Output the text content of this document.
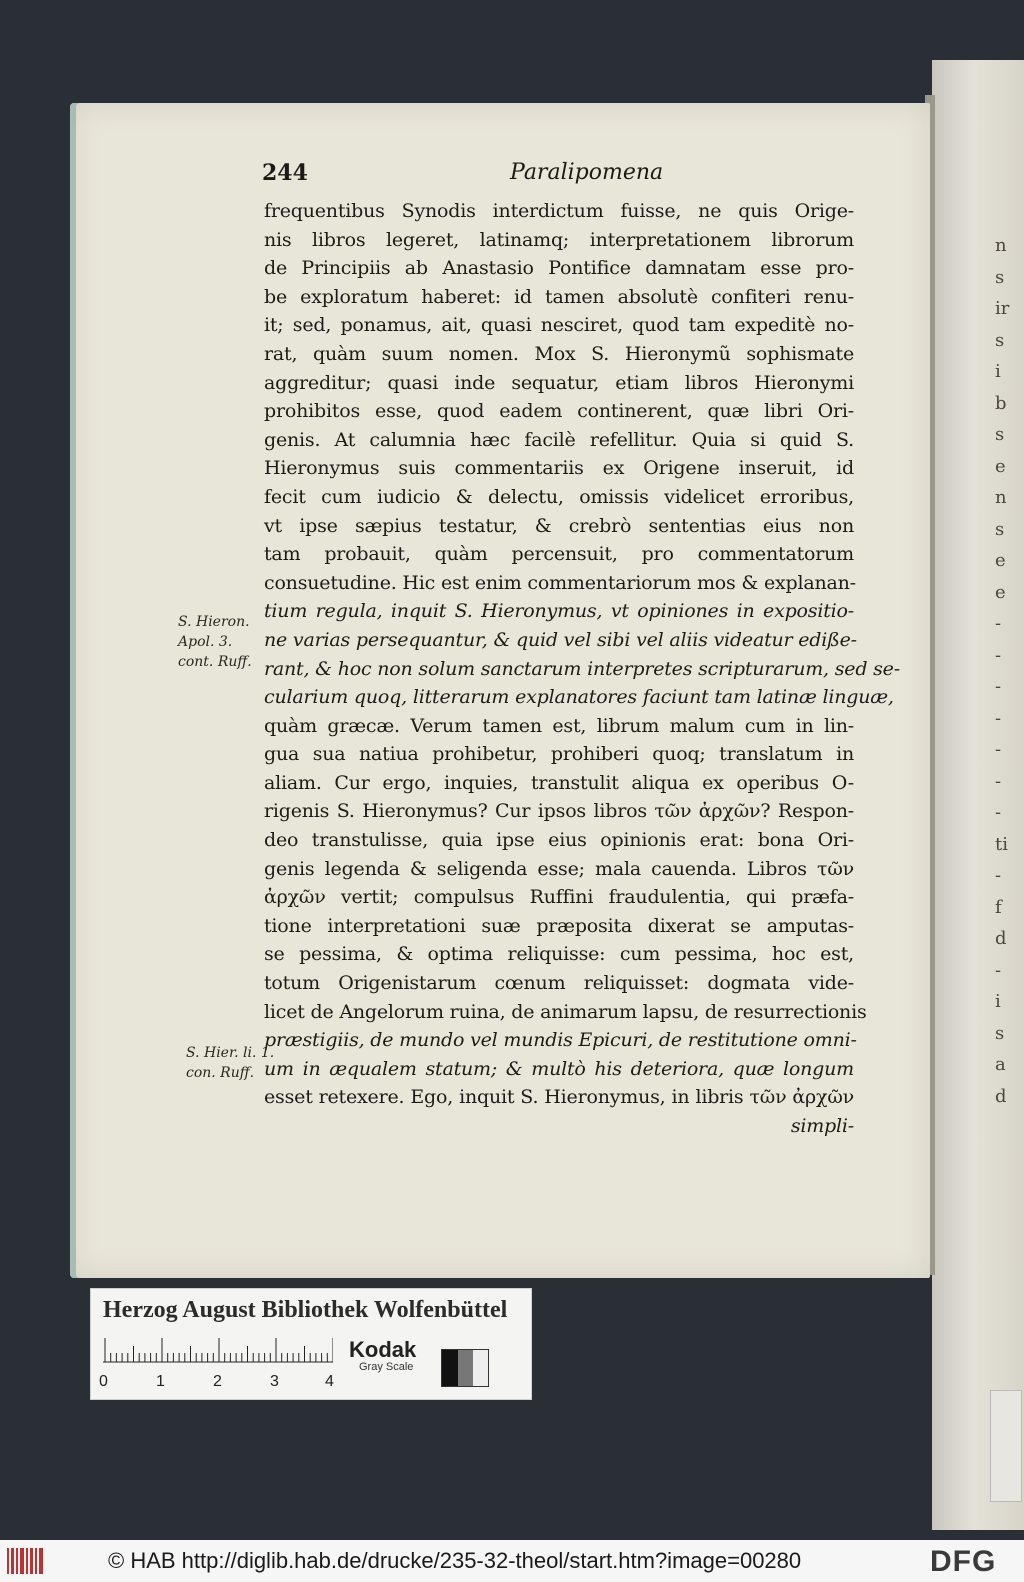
n
s
ir
s
i
b
s
e
n
s
e
e
-
-
-
-
-
-
-
ti
-
f
d
-
i
s
a
d
244	Paralipomena
frequentibus Synodis interdictum fuisse, ne quis Orige-
nis libros legeret, latinamq; interpretationem librorum
de Principiis ab Anastasio Pontifice damnatam esse pro-
be exploratum haberet: id tamen absolutè confiteri renu-
it; sed, ponamus, ait, quasi nesciret, quod tam expeditè no-
rat, quàm suum nomen. Mox S. Hieronymũ sophismate
aggreditur; quasi inde sequatur, etiam libros Hieronymi
prohibitos esse, quod eadem continerent, quæ libri Ori-
genis. At calumnia hæc facilè refellitur. Quia si quid S.
Hieronymus suis commentariis ex Origene inseruit, id
fecit cum iudicio & delectu, omissis videlicet erroribus,
vt ipse sæpius testatur, & crebrò sententias eius non
tam probauit, quàm percensuit, pro commentatorum
consuetudine. Hic est enim commentariorum mos & explanan-
tium regula, inquit S. Hieronymus, vt opiniones in expositio-
ne varias persequantur, & quid vel sibi vel aliis videatur ediße-
rant, & hoc non solum sanctarum interpretes scripturarum, sed se-
cularium quoq, litterarum explanatores faciunt tam latinæ linguæ,
quàm græcæ. Verum tamen est, librum malum cum in lin-
gua sua natiua prohibetur, prohiberi quoq; translatum in
aliam. Cur ergo, inquies, transtulit aliqua ex operibus O-
rigenis S. Hieronymus? Cur ipsos libros τῶν ἀρχῶν? Respon-
deo transtulisse, quia ipse eius opinionis erat: bona Ori-
genis legenda & seligenda esse; mala cauenda. Libros τῶν
ἀρχῶν vertit; compulsus Ruffini fraudulentia, qui præfa-
tione interpretationi suæ præposita dixerat se amputas-
se pessima, & optima reliquisse: cum pessima, hoc est,
totum Origenistarum cœnum reliquisset: dogmata vide-
licet de Angelorum ruina, de animarum lapsu, de resurrectionis
præstigiis, de mundo vel mundis Epicuri, de restitutione omni-
um in æqualem statum; & multò his deteriora, quæ longum
esset retexere. Ego, inquit S. Hieronymus, in libris τῶν ἀρχῶν
simpli-
S. Hieron. Apol. 3. cont. Ruff.
S. Hier. li. 1. con. Ruff.
Herzog August Bibliothek Wolfenbüttel
0	1	2	3	4
Kodak
Gray Scale
© HAB http://diglib.hab.de/drucke/235-32-theol/start.htm?image=00280	DFG
